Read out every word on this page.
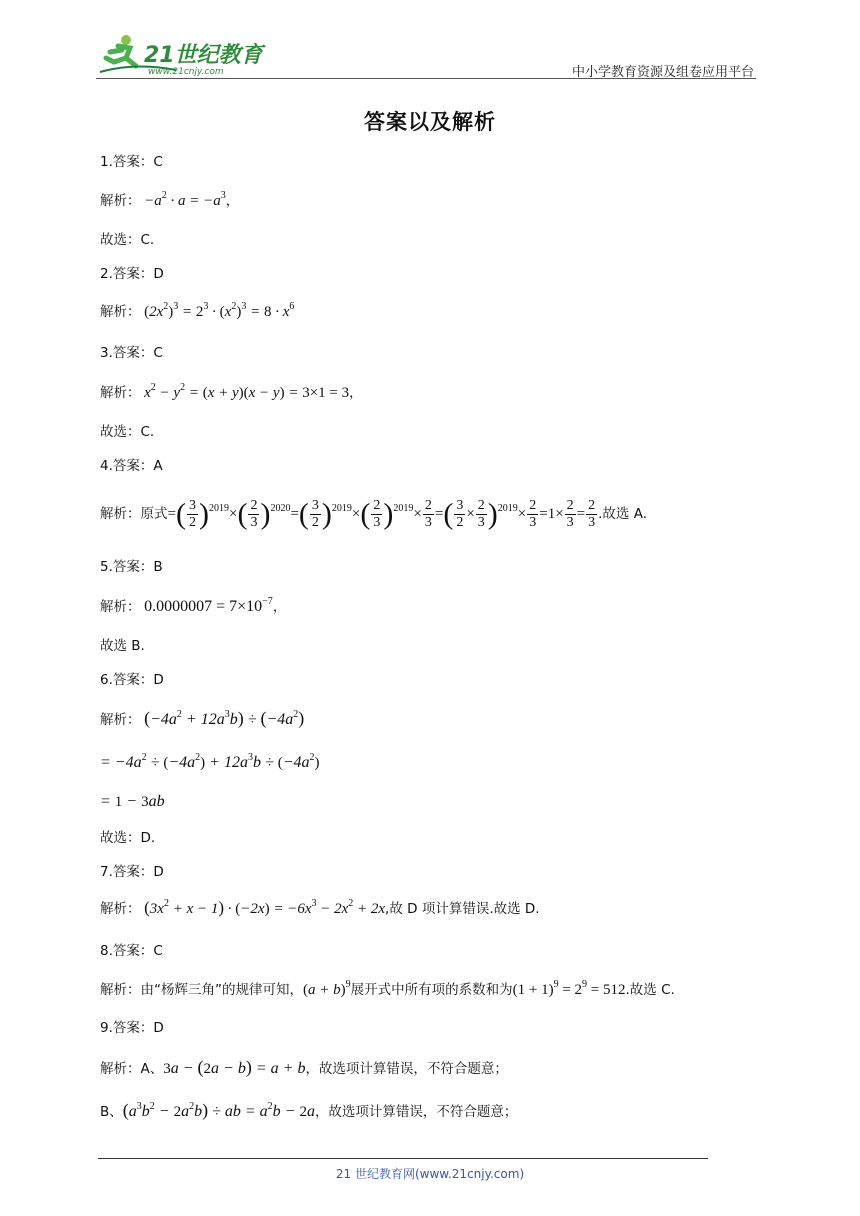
21世纪教育
www.21cnjy.com	中小学教育资源及组卷应用平台
答案以及解析
1.答案：C
解析： $-a^2 \cdot a = -a^3$，
故选：C.
2.答案：D
解析： $(2x^2)^3 = 2^3 \cdot (x^2)^3 = 8 \cdot x^6$
3.答案：C
解析： $x^2 - y^2 = (x + y)(x - y) = 3\times 1 = 3$，
故选：C.
4.答案：A
解析：原式=( $\frac{3}{2} )^{2019}\times( \frac{2}{3} )^{2020}=( \frac{3}{2} )^{2019}\times( \frac{2}{3} )^{2019}\times \frac{2}{3}$ =( $\frac{3}{2} \times \frac{2}{3} )^{2019}\times \frac{2}{3} =1\times \frac{2}{3} = \frac{2}{3}$ .故选 A.
5.答案：B
解析： $0.0000007 = 7\times 10^{-7}$，
故选 B.
6.答案：D
解析： $(-4a^2 + 12a^3b) \div (-4a^2)$
= $-4a^2 \div (-4a^2) + 12a^3b \div (-4a^2)$
= 1 − 3ab
故选：D.
7.答案：D
解析： $(3x^2 + x - 1) \cdot (-2x) = -6x^3 - 2x^2 + 2x$,故 D 项计算错误.故选 D.
8.答案：C
解析：由“杨辉三角”的规律可知，$(a + b)^9$展开式中所有项的系数和为$(1 + 1)^9 = 2^9 = 512$.故选 C.
9.答案：D
解析：A、3a − (2a − b) = a + b，故选项计算错误，不符合题意；
B、$(a^3b^2 - 2a^2b)$ ÷ ab = $a^2b - 2a$，故选项计算错误，不符合题意；
21 世纪教育网(www.21cnjy.com)
